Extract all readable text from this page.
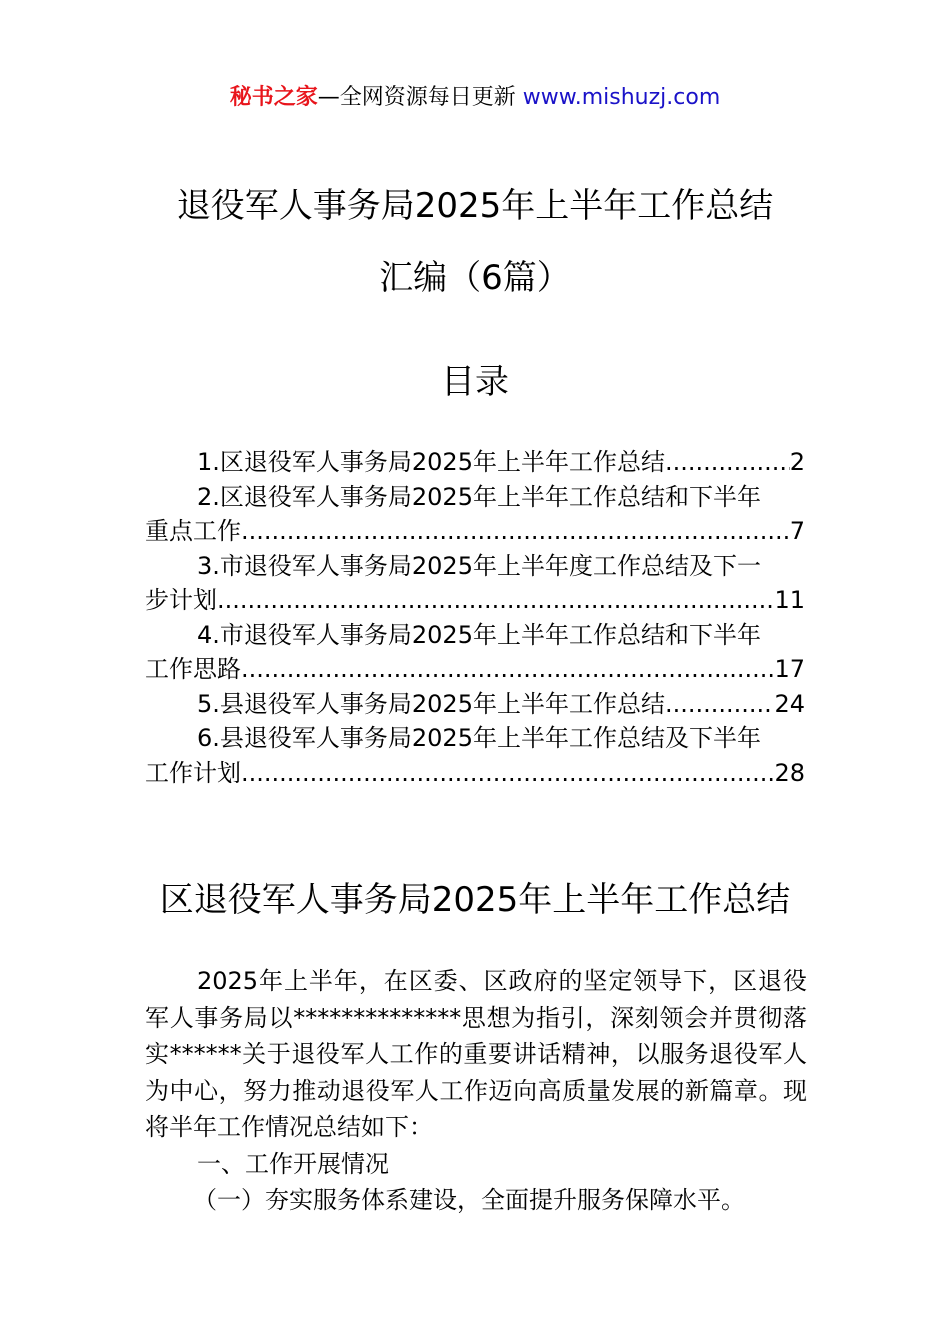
秘书之家—全网资源每日更新 www.mishuzj.com
退役军人事务局2025年上半年工作总结
汇编（6篇）
目录
1.区退役军人事务局2025年上半年工作总结 .....	2
2.区退役军人事务局2025年上半年工作总结和下半年
重点工作 .....	7
3.市退役军人事务局2025年上半年度工作总结及下一
步计划 .....	11
4.市退役军人事务局2025年上半年工作总结和下半年
工作思路 .....	17
5.县退役军人事务局2025年上半年工作总结 .....	24
6.县退役军人事务局2025年上半年工作总结及下半年
工作计划 .....	28
区退役军人事务局2025年上半年工作总结

2025年上半年，在区委、区政府的坚定领导下，区退役军人事务局以**************思想为指引，深刻领会并贯彻落实******关于退役军人工作的重要讲话精神，以服务退役军人为中心，努力推动退役军人工作迈向高质量发展的新篇章。现将半年工作情况总结如下：

一、工作开展情况

（一）夯实服务体系建设，全面提升服务保障水平。
